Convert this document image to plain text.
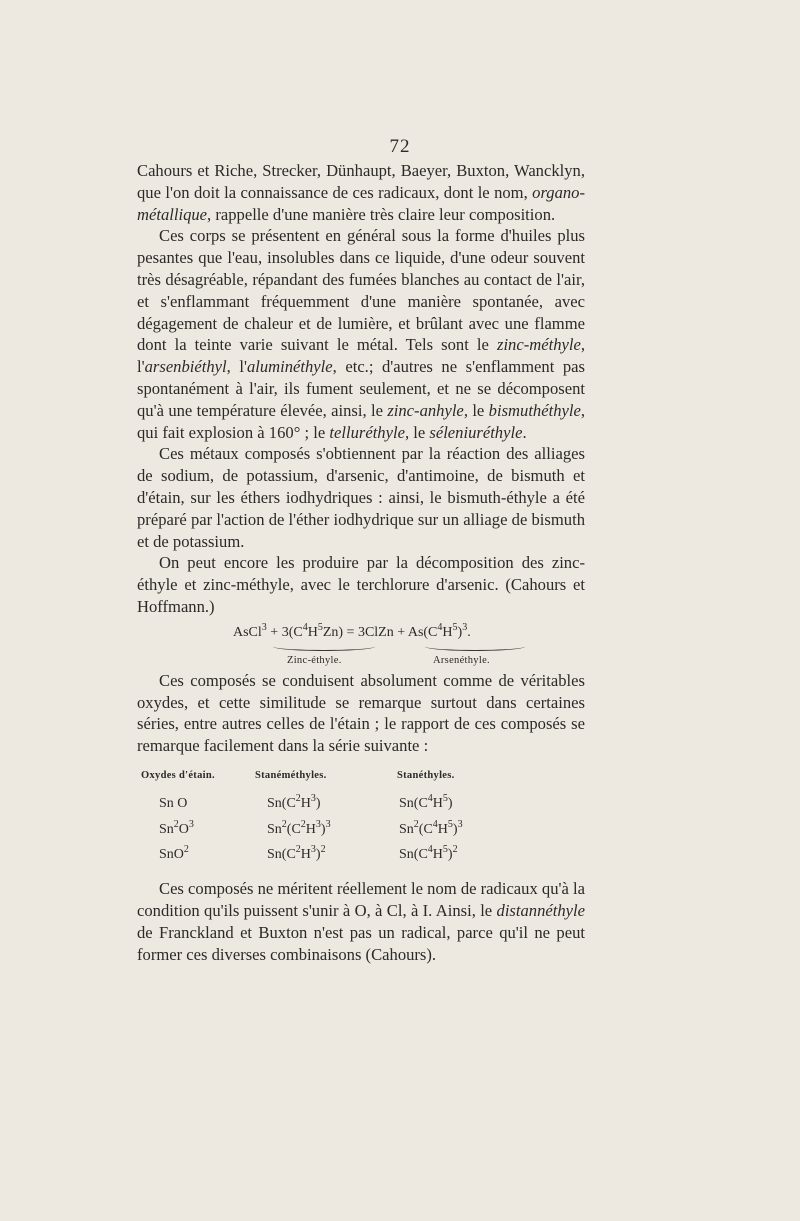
72

Cahours et Riche, Strecker, Dünhaupt, Baeyer, Buxton, Wancklyn, que l'on doit la connaissance de ces radicaux, dont le nom, organo-métallique, rappelle d'une manière très claire leur composition.

Ces corps se présentent en général sous la forme d'huiles plus pesantes que l'eau, insolubles dans ce liquide, d'une odeur souvent très désagréable, répandant des fumées blanches au contact de l'air, et s'enflammant fréquemment d'une manière spontanée, avec dégagement de chaleur et de lumière, et brûlant avec une flamme dont la teinte varie suivant le métal. Tels sont le zinc-méthyle, l'arsenbiéthyl, l'aluminéthyle, etc.; d'autres ne s'enflamment pas spontanément à l'air, ils fument seulement, et ne se décomposent qu'à une température élevée, ainsi, le zinc-anhyle, le bismuthéthyle, qui fait explosion à 160° ; le telluréthyle, le séleniuréthyle.

Ces métaux composés s'obtiennent par la réaction des alliages de sodium, de potassium, d'arsenic, d'antimoine, de bismuth et d'étain, sur les éthers iodhydriques : ainsi, le bismuth-éthyle a été préparé par l'action de l'éther iodhydrique sur un alliage de bismuth et de potassium.

On peut encore les produire par la décomposition des zinc-éthyle et zinc-méthyle, avec le terchlorure d'arsenic. (Cahours et Hoffmann.)

AsCl$^3$ + $3(C^4H^5Zn)$ = 3ClZn + $As(C^4H^5)^3$.
Zinc-éthyle.	Arsenéthyle.

Ces composés se conduisent absolument comme de véritables oxydes, et cette similitude se remarque surtout dans certaines séries, entre autres celles de l'étain ; le rapport de ces composés se remarque facilement dans la série suivante :

Oxydes d'étain.	Stanéméthyles.	Stanéthyles.
Sn O	$Sn(C^2H^3)$	$Sn(C^4H^5)$
$Sn^2O^3$	$Sn^2(C^2H^3)^3$	$Sn^2(C^4H^5)^3$
SnO$^2$	$Sn(C^2H^3)^2$	$Sn(C^4H^5)^2$

Ces composés ne méritent réellement le nom de radicaux qu'à la condition qu'ils puissent s'unir à O, à Cl, à I. Ainsi, le distannéthyle de Franckland et Buxton n'est pas un radical, parce qu'il ne peut former ces diverses combinaisons (Cahours).
